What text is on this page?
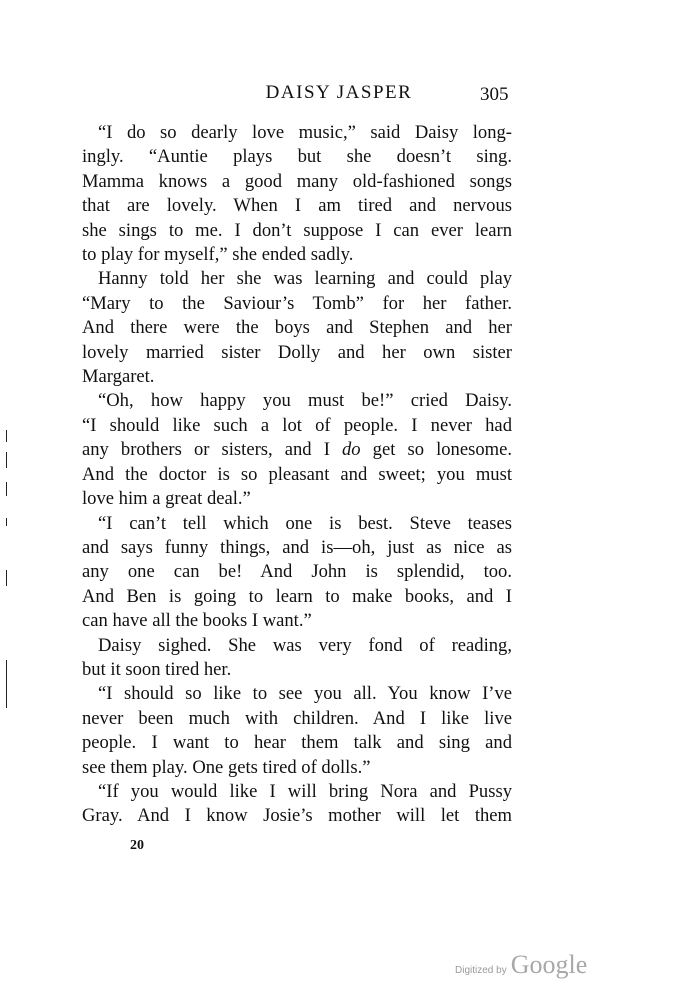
DAISY JASPER	305
“I do so dearly love music,” said Daisy long-
ingly. “Auntie plays but she doesn’t sing.
Mamma knows a good many old-fashioned songs
that are lovely. When I am tired and nervous
she sings to me. I don’t suppose I can ever learn
to play for myself,” she ended sadly.
Hanny told her she was learning and could play
“Mary to the Saviour’s Tomb” for her father.
And there were the boys and Stephen and her
lovely married sister Dolly and her own sister
Margaret.
“Oh, how happy you must be!” cried Daisy.
“I should like such a lot of people. I never had
any brothers or sisters, and I do get so lonesome.
And the doctor is so pleasant and sweet; you must
love him a great deal.”
“I can’t tell which one is best. Steve teases
and says funny things, and is—oh, just as nice as
any one can be! And John is splendid, too.
And Ben is going to learn to make books, and I
can have all the books I want.”
Daisy sighed. She was very fond of reading,
but it soon tired her.
“I should so like to see you all. You know I’ve
never been much with children. And I like live
people. I want to hear them talk and sing and
see them play. One gets tired of dolls.”
“If you would like I will bring Nora and Pussy
Gray. And I know Josie’s mother will let them
20
Digitized by Google
